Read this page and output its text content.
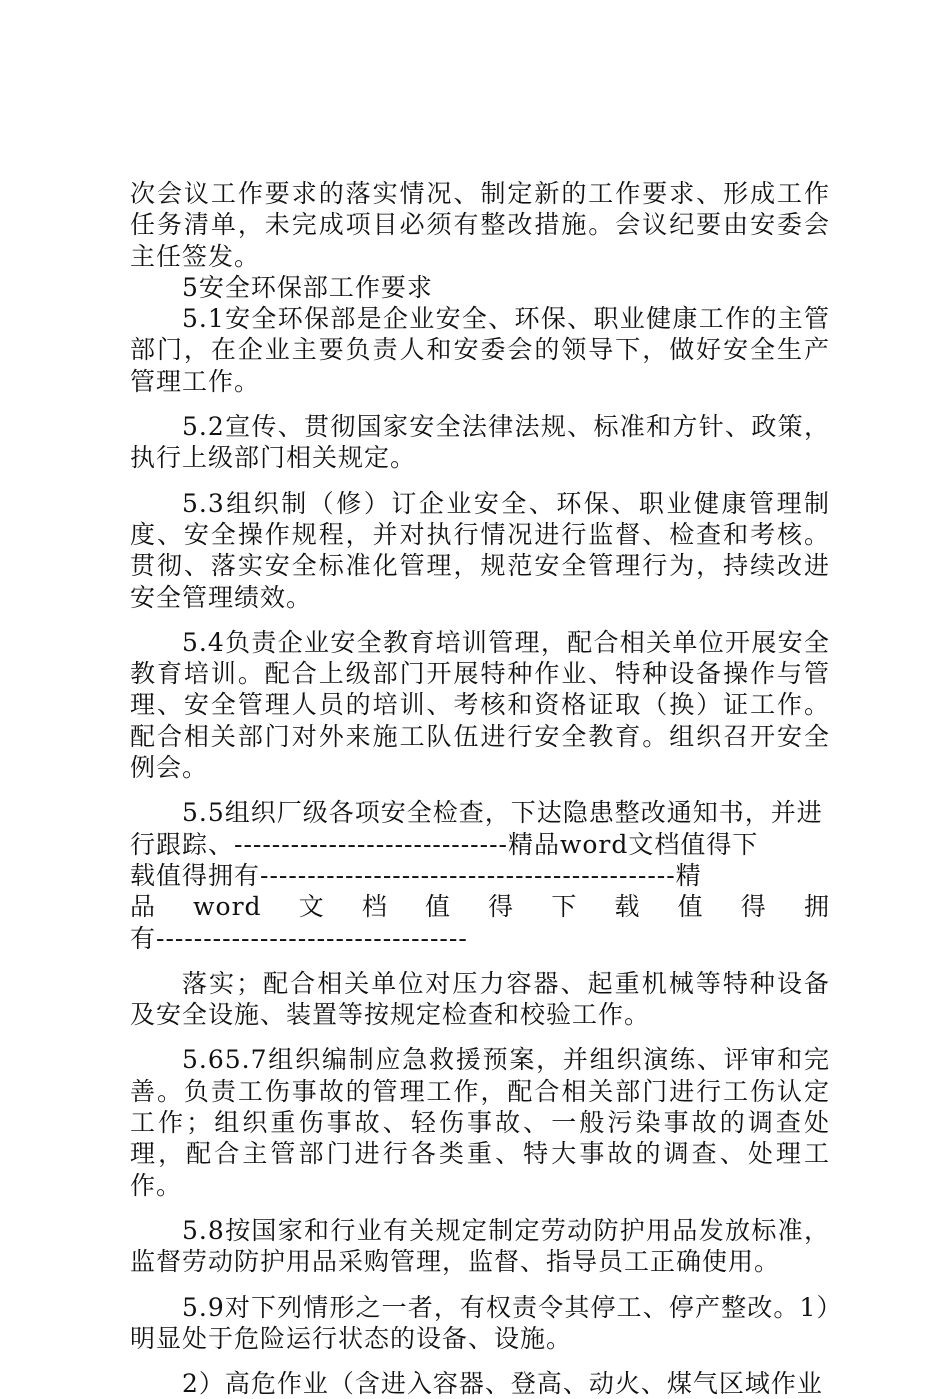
次会议工作要求的落实情况、制定新的工作要求、形成工作任务清单，未完成项目必须有整改措施。会议纪要由安委会主任签发。

5安全环保部工作要求

5.1安全环保部是企业安全、环保、职业健康工作的主管部门，在企业主要负责人和安委会的领导下，做好安全生产管理工作。

5.2宣传、贯彻国家安全法律法规、标准和方针、政策，执行上级部门相关规定。

5.3组织制（修）订企业安全、环保、职业健康管理制度、安全操作规程，并对执行情况进行监督、检查和考核。贯彻、落实安全标准化管理，规范安全管理行为，持续改进安全管理绩效。

5.4负责企业安全教育培训管理，配合相关单位开展安全教育培训。配合上级部门开展特种作业、特种设备操作与管理、安全管理人员的培训、考核和资格证取（换）证工作。配合相关部门对外来施工队伍进行安全教育。组织召开安全例会。

5.5组织厂级各项安全检查，下达隐患整改通知书，并进
行跟踪、-----------------------------精品word文档值得下
载值得拥有--------------------------------------------精
品 word 文 档 值 得 下 载 值 得 拥
有---------------------------------

落实；配合相关单位对压力容器、起重机械等特种设备及安全设施、装置等按规定检查和校验工作。

5.65.7组织编制应急救援预案，并组织演练、评审和完善。负责工伤事故的管理工作，配合相关部门进行工伤认定工作；组织重伤事故、轻伤事故、一般污染事故的调查处理，配合主管部门进行各类重、特大事故的调查、处理工作。

5.8按国家和行业有关规定制定劳动防护用品发放标准，监督劳动防护用品采购管理，监督、指导员工正确使用。

5.9对下列情形之一者，有权责令其停工、停产整改。1）明显处于危险运行状态的设备、设施。

2）高危作业（含进入容器、登高、动火、煤气区域作业
